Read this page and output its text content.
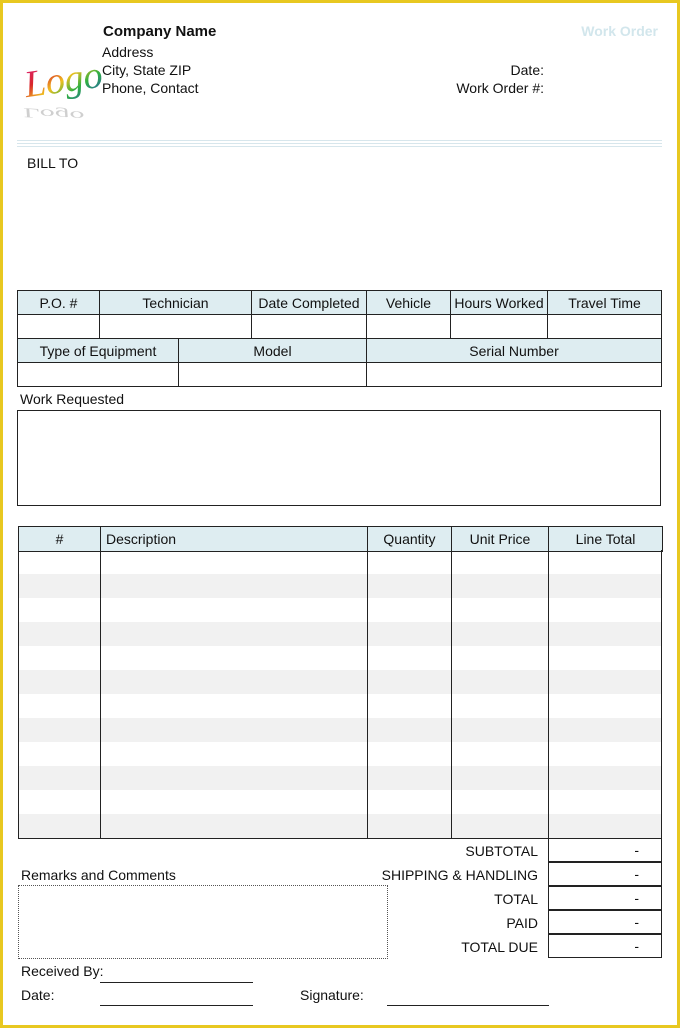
Logo
Logo
Company Name
Address
City, State ZIP
Phone, Contact
Work Order
Date:
Work Order #:
BILL TO
P.O. #	Technician	Date Completed	Vehicle	Hours Worked	Travel Time

Type of Equipment	Model	Serial Number

Work Requested
#	Description	Quantity	Unit Price	Line Total
SUBTOTAL	-
SHIPPING & HANDLING	-
TOTAL	-
PAID	-
TOTAL DUE	-
Remarks and Comments
Received By:
Date:	Signature:
